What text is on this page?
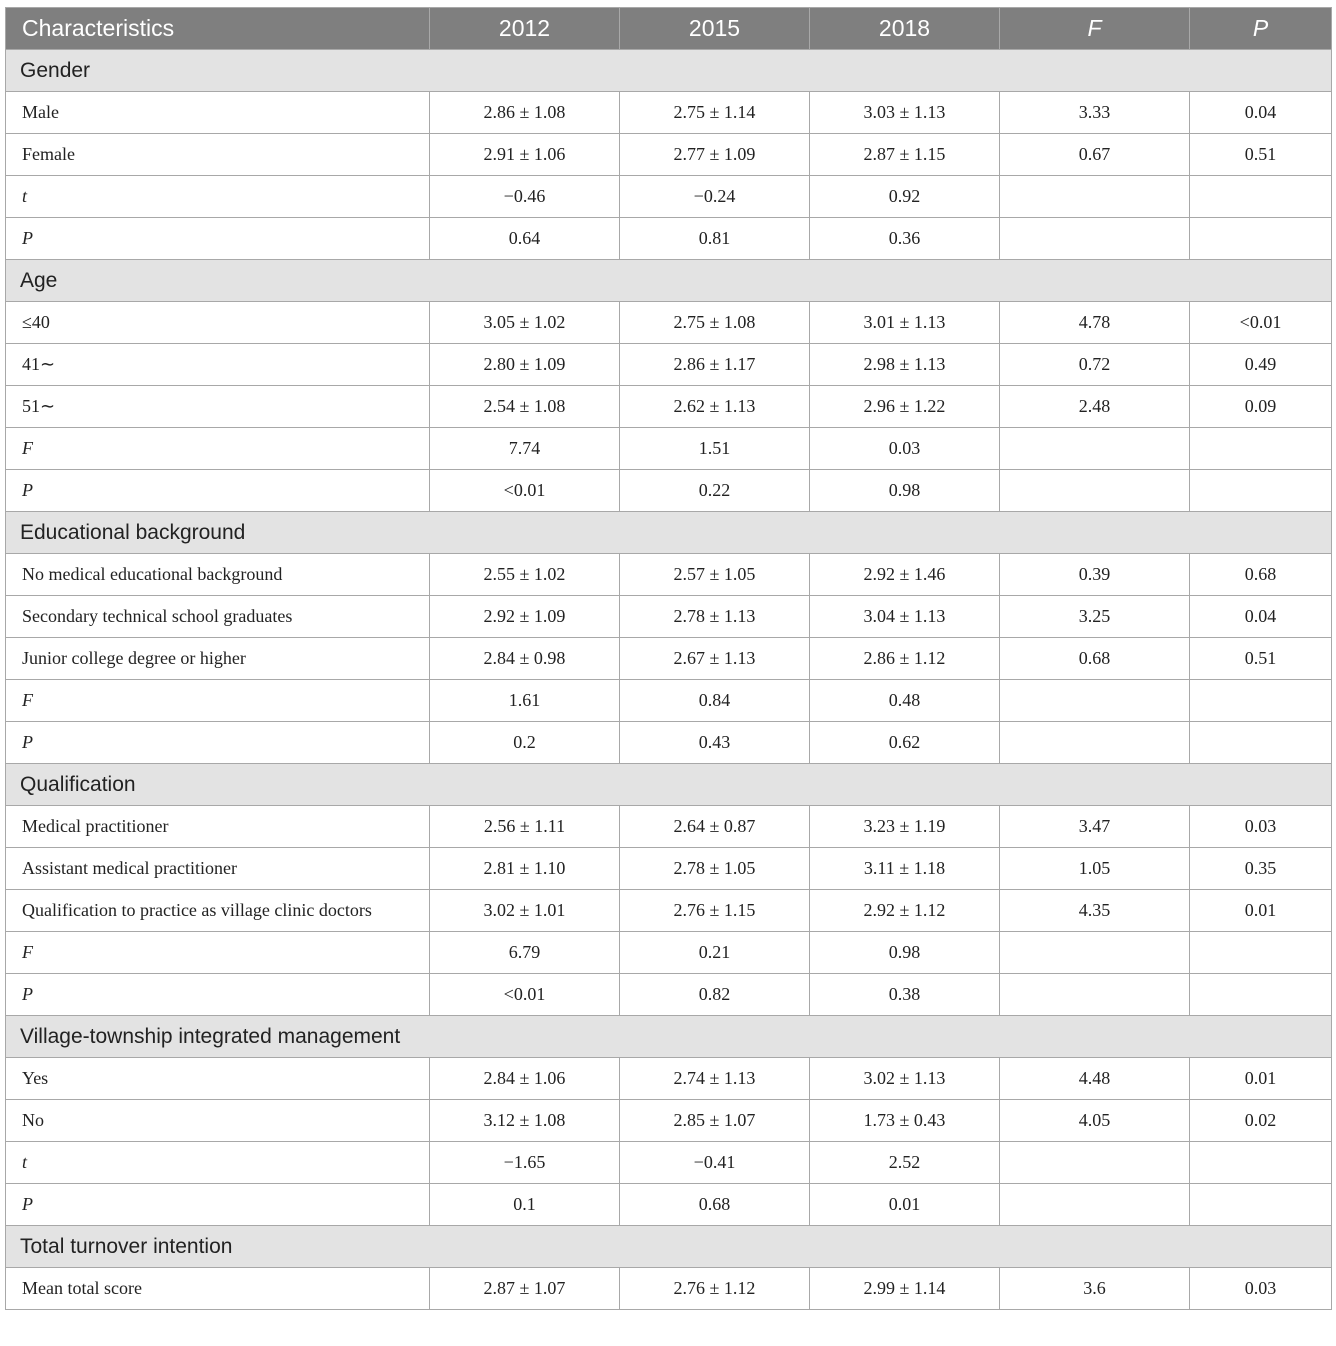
Characteristics	2012	2015	2018	F	P
Gender					
Male	2.86 ± 1.08	2.75 ± 1.14	3.03 ± 1.13	3.33	0.04
Female	2.91 ± 1.06	2.77 ± 1.09	2.87 ± 1.15	0.67	0.51
t	−0.46	−0.24	0.92		
P	0.64	0.81	0.36		
Age					
≤40	3.05 ± 1.02	2.75 ± 1.08	3.01 ± 1.13	4.78	<0.01
41∼	2.80 ± 1.09	2.86 ± 1.17	2.98 ± 1.13	0.72	0.49
51∼	2.54 ± 1.08	2.62 ± 1.13	2.96 ± 1.22	2.48	0.09
F	7.74	1.51	0.03		
P	<0.01	0.22	0.98		
Educational background					
No medical educational background	2.55 ± 1.02	2.57 ± 1.05	2.92 ± 1.46	0.39	0.68
Secondary technical school graduates	2.92 ± 1.09	2.78 ± 1.13	3.04 ± 1.13	3.25	0.04
Junior college degree or higher	2.84 ± 0.98	2.67 ± 1.13	2.86 ± 1.12	0.68	0.51
F	1.61	0.84	0.48		
P	0.2	0.43	0.62		
Qualification					
Medical practitioner	2.56 ± 1.11	2.64 ± 0.87	3.23 ± 1.19	3.47	0.03
Assistant medical practitioner	2.81 ± 1.10	2.78 ± 1.05	3.11 ± 1.18	1.05	0.35
Qualification to practice as village clinic doctors	3.02 ± 1.01	2.76 ± 1.15	2.92 ± 1.12	4.35	0.01
F	6.79	0.21	0.98		
P	<0.01	0.82	0.38		
Village-township integrated management					
Yes	2.84 ± 1.06	2.74 ± 1.13	3.02 ± 1.13	4.48	0.01
No	3.12 ± 1.08	2.85 ± 1.07	1.73 ± 0.43	4.05	0.02
t	−1.65	−0.41	2.52		
P	0.1	0.68	0.01		
Total turnover intention					
Mean total score	2.87 ± 1.07	2.76 ± 1.12	2.99 ± 1.14	3.6	0.03
